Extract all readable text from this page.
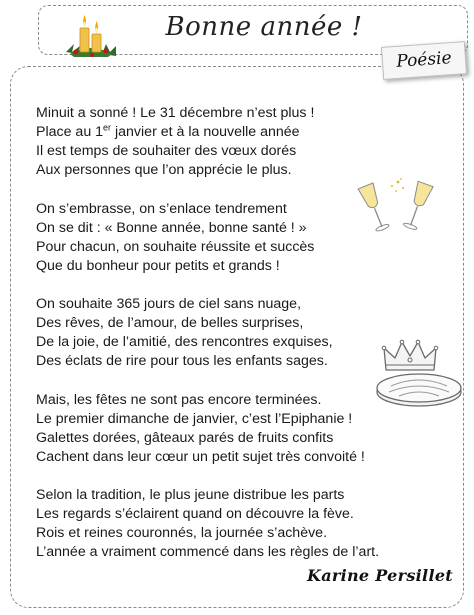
Bonne année !
Poésie
Minuit a sonné ! Le 31 décembre n’est plus !
Place au 1er janvier et à la nouvelle année
Il est temps de souhaiter des vœux dorés
Aux personnes que l’on apprécie le plus.
On s’embrasse, on s’enlace tendrement
On se dit : « Bonne année, bonne santé ! »
Pour chacun, on souhaite réussite et succès
Que du bonheur pour petits et grands !
On souhaite 365 jours de ciel sans nuage,
Des rêves, de l’amour, de belles surprises,
De la joie, de l’amitié, des rencontres exquises,
Des éclats de rire pour tous les enfants sages.
Mais, les fêtes ne sont pas encore terminées.
Le premier dimanche de janvier, c’est l’Epiphanie !
Galettes dorées, gâteaux parés de fruits confits
Cachent dans leur cœur un petit sujet très convoité !
Selon la tradition, le plus jeune distribue les parts
Les regards s’éclairent quand on découvre la fève.
Rois et reines couronnés, la journée s’achève.
L’année a vraiment commencé dans les règles de l’art.
Karine Persillet
